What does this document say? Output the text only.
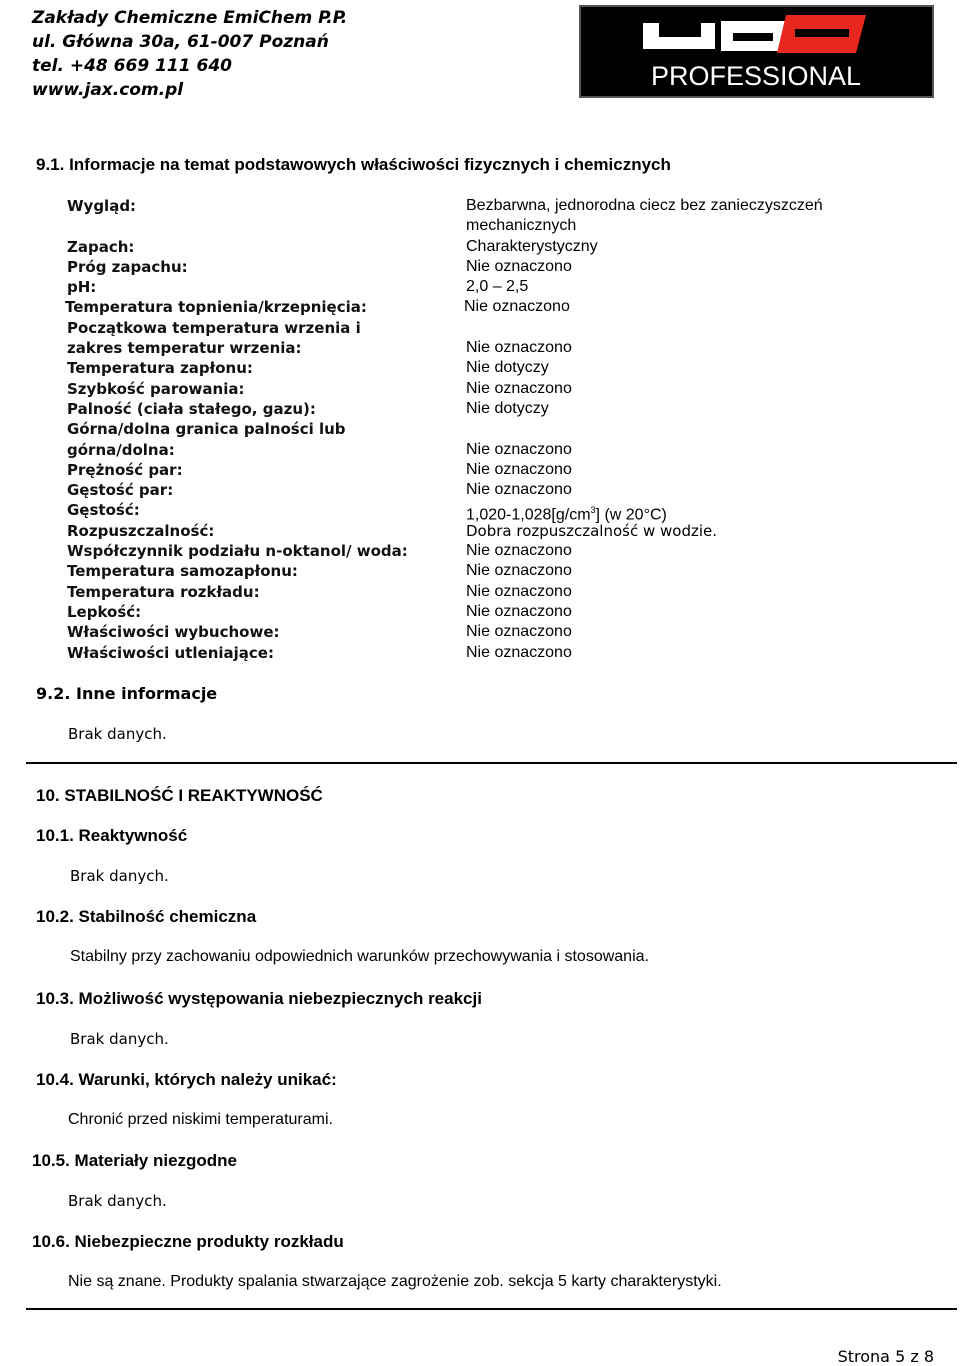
Zakłady Chemiczne EmiChem P.P.
ul. Główna 30a, 61-007 Poznań
tel. +48 669 111 640
www.jax.com.pl	PROFESSIONAL
9.1. Informacje na temat podstawowych właściwości fizycznych i chemicznych
Wygląd:	Bezbarwna, jednorodna ciecz bez zanieczyszczeń mechanicznych
Zapach:	Charakterystyczny
Próg zapachu:	Nie oznaczono
pH:	2,0 – 2,5
Temperatura topnienia/krzepnięcia:	Nie oznaczono
Początkowa temperatura wrzenia i
zakres temperatur wrzenia:	Nie oznaczono
Temperatura zapłonu:	Nie dotyczy
Szybkość parowania:	Nie oznaczono
Palność (ciała stałego, gazu):	Nie dotyczy
Górna/dolna granica palności lub
górna/dolna:	Nie oznaczono
Prężność par:	Nie oznaczono
Gęstość par:	Nie oznaczono
Gęstość:	$1,020-1,028[g/cm^3]$ (w 20°C)
Rozpuszczalność:	Dobra rozpuszczalność w wodzie.
Współczynnik podziału n-oktanol/ woda:	Nie oznaczono
Temperatura samozapłonu:	Nie oznaczono
Temperatura rozkładu:	Nie oznaczono
Lepkość:	Nie oznaczono
Właściwości wybuchowe:	Nie oznaczono
Właściwości utleniające:	Nie oznaczono
9.2. Inne informacje
Brak danych.
10. STABILNOŚĆ I REAKTYWNOŚĆ
10.1. Reaktywność
Brak danych.
10.2. Stabilność chemiczna
Stabilny przy zachowaniu odpowiednich warunków przechowywania i stosowania.
10.3. Możliwość występowania niebezpiecznych reakcji
Brak danych.
10.4. Warunki, których należy unikać:
Chronić przed niskimi temperaturami.
10.5. Materiały niezgodne
Brak danych.
10.6. Niebezpieczne produkty rozkładu
Nie są znane. Produkty spalania stwarzające zagrożenie zob. sekcja 5 karty charakterystyki.
Strona 5 z 8
